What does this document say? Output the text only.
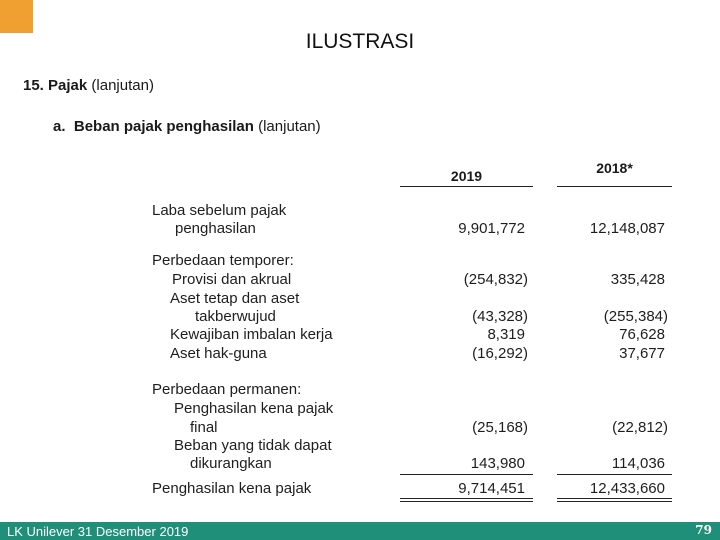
ILUSTRASI
15. Pajak (lanjutan)
a. Beban pajak penghasilan (lanjutan)
2019	2018*
Laba sebelum pajak
penghasilan	9,901,772	12,148,087
Perbedaan temporer:
Provisi dan akrual	(254,832)	335,428
Aset tetap dan aset
takberwujud	(43,328)	(255,384)
Kewajiban imbalan kerja	8,319	76,628
Aset hak-guna	(16,292)	37,677
Perbedaan permanen:
Penghasilan kena pajak
final	(25,168)	(22,812)
Beban yang tidak dapat
dikurangkan	143,980	114,036
Penghasilan kena pajak	9,714,451	12,433,660
LK Unilever 31 Desember 2019	79
